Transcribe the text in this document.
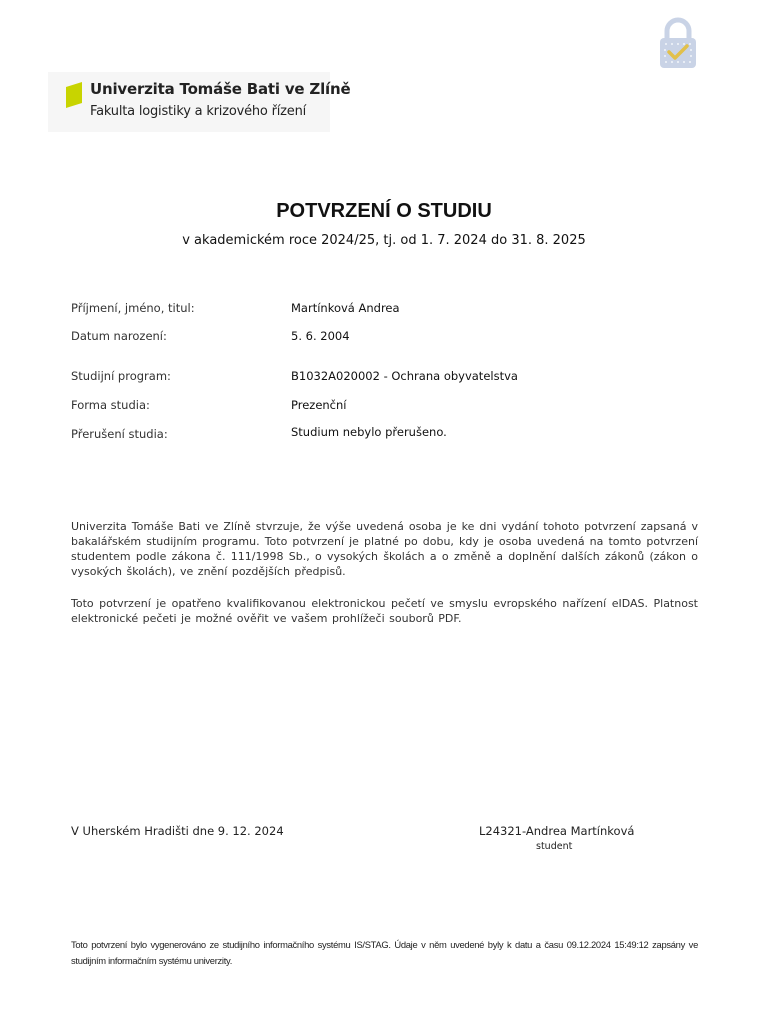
Univerzita Tomáše Bati ve Zlíně
Fakulta logistiky a krizového řízení
POTVRZENÍ O STUDIU
v akademickém roce 2024/25, tj. od 1. 7. 2024 do 31. 8. 2025
Příjmení, jméno, titul:	Martínková Andrea
Datum narození:	5. 6. 2004
Studijní program:	B1032A020002 - Ochrana obyvatelstva
Forma studia:	Prezenční
Přerušení studia:	Studium nebylo přerušeno.
Univerzita Tomáše Bati ve Zlíně stvrzuje, že výše uvedená osoba je ke dni vydání tohoto potvrzení zapsaná v bakalářském studijním programu. Toto potvrzení je platné po dobu, kdy je osoba uvedená na tomto potvrzení studentem podle zákona č. 111/1998 Sb., o vysokých školách a o změně a doplnění dalších zákonů (zákon o vysokých školách), ve znění pozdějších předpisů.
Toto potvrzení je opatřeno kvalifikovanou elektronickou pečetí ve smyslu evropského nařízení eIDAS. Platnost elektronické pečeti je možné ověřit ve vašem prohlížeči souborů PDF.
V Uherském Hradišti dne 9. 12. 2024	L24321-Andrea Martínková
student
Toto potvrzení bylo vygenerováno ze studijního informačního systému IS/STAG. Údaje v něm uvedené byly k datu a času 09.12.2024 15:49:12 zapsány ve studijním informačním systému univerzity.
